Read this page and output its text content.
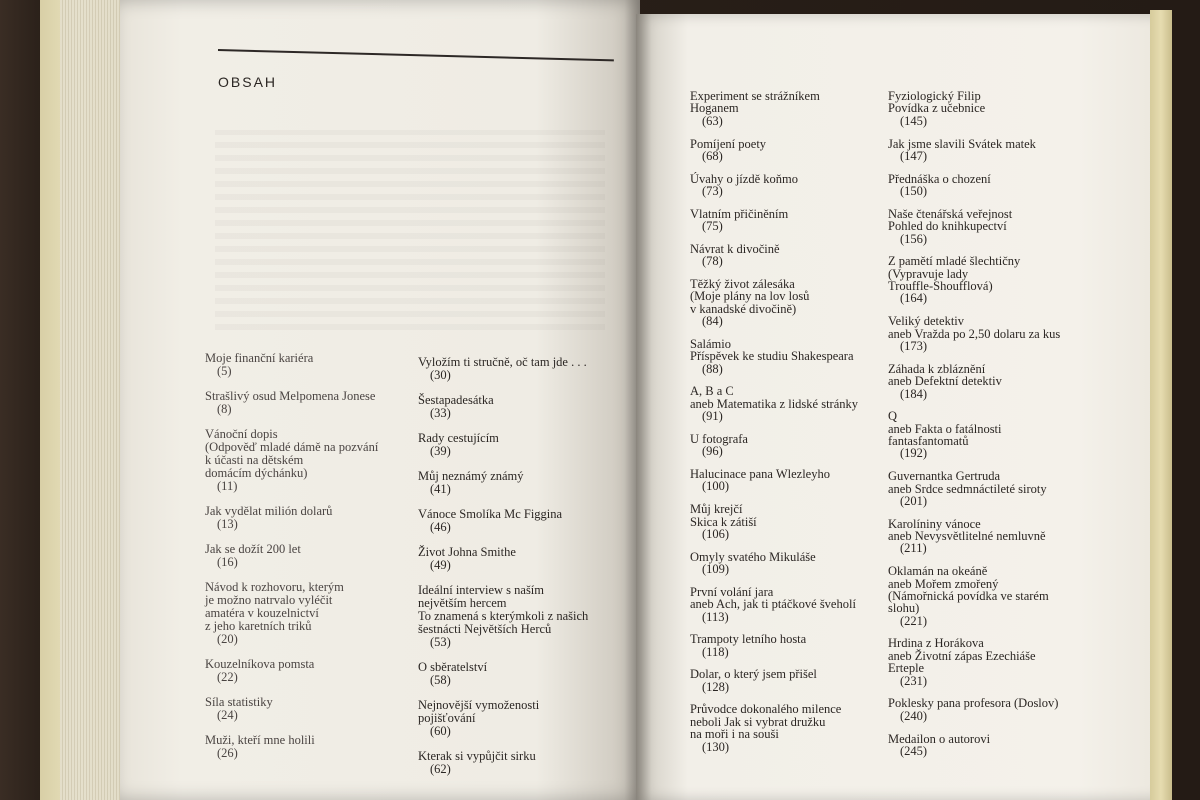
OBSAH
Moje finanční kariéra
(5)
Strašlivý osud Melpomena Jonese
(8)
Vánoční dopis
(Odpověď mladé dámě na pozvání
k účasti na dětském
domácím dýchánku)
(11)
Jak vydělat milión dolarů
(13)
Jak se dožít 200 let
(16)
Návod k rozhovoru, kterým
je možno natrvalo vyléčit
amatéra v kouzelnictví
z jeho karetních triků
(20)
Kouzelníkova pomsta
(22)
Síla statistiky
(24)
Muži, kteří mne holili
(26)
Vyložím ti stručně, oč tam jde . . .
(30)
Šestapadesátka
(33)
Rady cestujícím
(39)
Můj neznámý známý
(41)
Vánoce Smolíka Mc Figgina
(46)
Život Johna Smithe
(49)
Ideální interview s naším
největším hercem
To znamená s kterýmkoli z našich
šestnácti Největších Herců
(53)
O sběratelství
(58)
Nejnovější vymoženosti
pojišťování
(60)
Kterak si vypůjčit sirku
(62)
Experiment se strážníkem
Hoganem
(63)
Pomíjení poety
(68)
Úvahy o jízdě koňmo
(73)
Vlatním přičiněním
(75)
Návrat k divočině
(78)
Těžký život zálesáka
(Moje plány na lov losů
v kanadské divočině)
(84)
Salámio
Příspěvek ke studiu Shakespeara
(88)
A, B a C
aneb Matematika z lidské stránky
(91)
U fotografa
(96)
Halucinace pana Wlezleyho
(100)
Můj krejčí
Skica k zátiší
(106)
Omyly svatého Mikuláše
(109)
První volání jara
aneb Ach, jak ti ptáčkové šveholí
(113)
Trampoty letního hosta
(118)
Dolar, o který jsem přišel
(128)
Průvodce dokonalého milence
neboli Jak si vybrat družku
na moři i na souši
(130)
Fyziologický Filip
Povídka z učebnice
(145)
Jak jsme slavili Svátek matek
(147)
Přednáška o chození
(150)
Naše čtenářská veřejnost
Pohled do knihkupectví
(156)
Z pamětí mladé šlechtičny
(Vypravuje lady
Trouffle-Shoufflová)
(164)
Veliký detektiv
aneb Vražda po 2,50 dolaru za kus
(173)
Záhada k zbláznění
aneb Defektní detektiv
(184)
Q
aneb Fakta o fatálnosti
fantasfantomatů
(192)
Guvernantka Gertruda
aneb Srdce sedmnáctileté siroty
(201)
Karolíniny vánoce
aneb Nevysvětlitelné nemluvně
(211)
Oklamán na okeáně
aneb Mořem zmořený
(Námořnická povídka ve starém
slohu)
(221)
Hrdina z Horákova
aneb Životní zápas Ezechiáše
Erteple
(231)
Poklesky pana profesora (Doslov)
(240)
Medailon o autorovi
(245)
